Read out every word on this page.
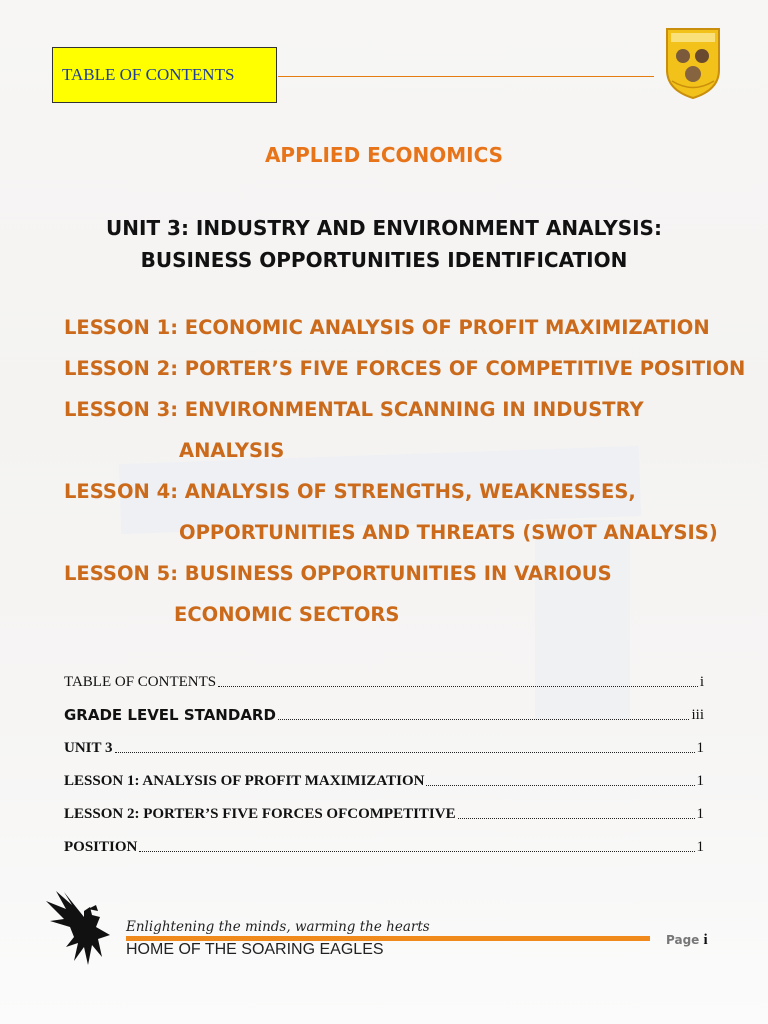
TABLE OF CONTENTS
APPLIED ECONOMICS
UNIT 3: INDUSTRY AND ENVIRONMENT ANALYSIS:
BUSINESS OPPORTUNITIES IDENTIFICATION
LESSON 1: ECONOMIC ANALYSIS OF PROFIT MAXIMIZATION
LESSON 2: PORTER’S FIVE FORCES OF COMPETITIVE POSITION
LESSON 3: ENVIRONMENTAL SCANNING IN INDUSTRY
ANALYSIS
LESSON 4: ANALYSIS OF STRENGTHS, WEAKNESSES,
OPPORTUNITIES AND THREATS (SWOT ANALYSIS)
LESSON 5: BUSINESS OPPORTUNITIES IN VARIOUS
ECONOMIC SECTORS
TABLE OF CONTENTS	i
GRADE LEVEL STANDARD	iii
UNIT 3	1
LESSON 1: ANALYSIS OF PROFIT MAXIMIZATION	1
LESSON 2: PORTER’S FIVE FORCES OFCOMPETITIVE	1
POSITION	1
Enlightening the minds, warming the hearts
HOME OF THE SOARING EAGLES
Page i
